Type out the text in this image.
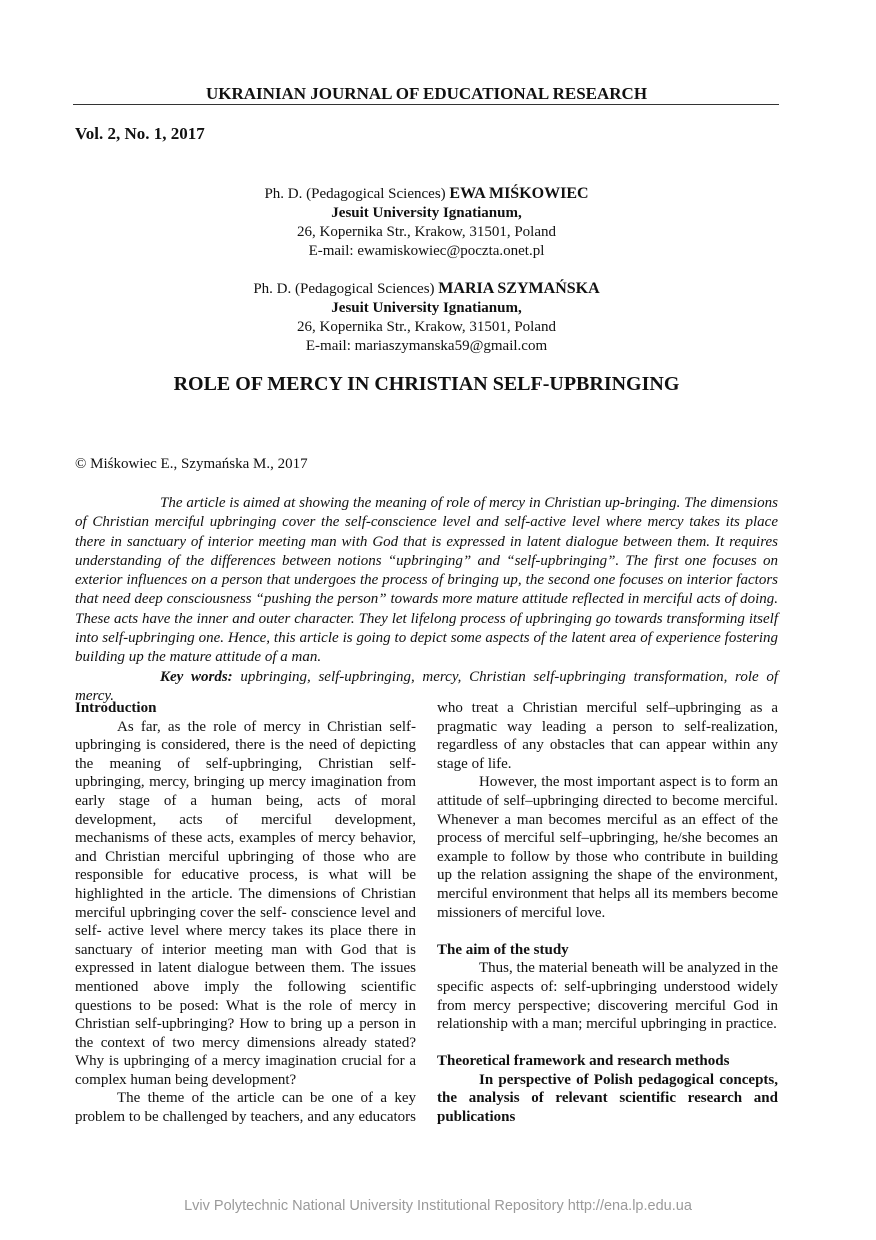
UKRAINIAN JOURNAL OF EDUCATIONAL RESEARCH
Vol. 2, No. 1, 2017
Ph. D. (Pedagogical Sciences) EWA MIŚKOWIEC
Jesuit University Ignatianum,
26, Kopernika Str., Krakow, 31501, Poland
E-mail: ewamiskowiec@poczta.onet.pl
Ph. D. (Pedagogical Sciences) MARIA SZYMAŃSKA
Jesuit University Ignatianum,
26, Kopernika Str., Krakow, 31501, Poland
E-mail: mariaszymanska59@gmail.com
ROLE OF MERCY IN CHRISTIAN SELF-UPBRINGING
© Miśkowiec E., Szymańska M., 2017

The article is aimed at showing the meaning of role of mercy in Christian up-bringing. The dimensions of Christian merciful upbringing cover the self-conscience level and self-active level where mercy takes its place there in sanctuary of interior meeting man with God that is expressed in latent dialogue between them. It requires understanding of the differences between notions “upbringing” and “self-upbringing”. The first one focuses on exterior influences on a person that undergoes the process of bringing up, the second one focuses on interior factors that need deep consciousness “pushing the person” towards more mature attitude reflected in merciful acts of doing. These acts have the inner and outer character. They let lifelong process of upbringing go towards transforming itself into self-upbringing one. Hence, this article is going to depict some aspects of the latent area of experience fostering building up the mature attitude of a man.

Key words: upbringing, self-upbringing, mercy, Christian self-upbringing transformation, role of mercy.

Introduction

As far, as the role of mercy in Christian self-upbringing is considered, there is the need of depicting the meaning of self-upbringing, Christian self-upbringing, mercy, bringing up mercy imagination from early stage of a human being, acts of moral development, acts of merciful development, mechanisms of these acts, examples of mercy behavior, and Christian merciful upbringing of those who are responsible for educative process, is what will be highlighted in the article. The dimensions of Christian merciful upbringing cover the self- conscience level and self- active level where mercy takes its place there in sanctuary of interior meeting man with God that is expressed in latent dialogue between them. The issues mentioned above imply the following scientific questions to be posed: What is the role of mercy in Christian self-upbringing? How to bring up a person in the context of two mercy dimensions already stated? Why is upbringing of a mercy imagination crucial for a complex human being development?

The theme of the article can be one of a key problem to be challenged by teachers, and any educators

who treat a Christian merciful self–upbringing as a pragmatic way leading a person to self-realization, regardless of any obstacles that can appear within any stage of life.

However, the most important aspect is to form an attitude of self–upbringing directed to become merciful. Whenever a man becomes merciful as an effect of the process of merciful self–upbringing, he/she becomes an example to follow by those who contribute in building up the relation assigning the shape of the environment, merciful environment that helps all its members become missioners of merciful love.

The aim of the study

Thus, the material beneath will be analyzed in the specific aspects of: self-upbringing understood widely from mercy perspective; discovering merciful God in relationship with a man; merciful upbringing in practice.

Theoretical framework and research methods

In perspective of Polish pedagogical concepts, the analysis of relevant scientific research and publications

Lviv Polytechnic National University Institutional Repository http://ena.lp.edu.ua
